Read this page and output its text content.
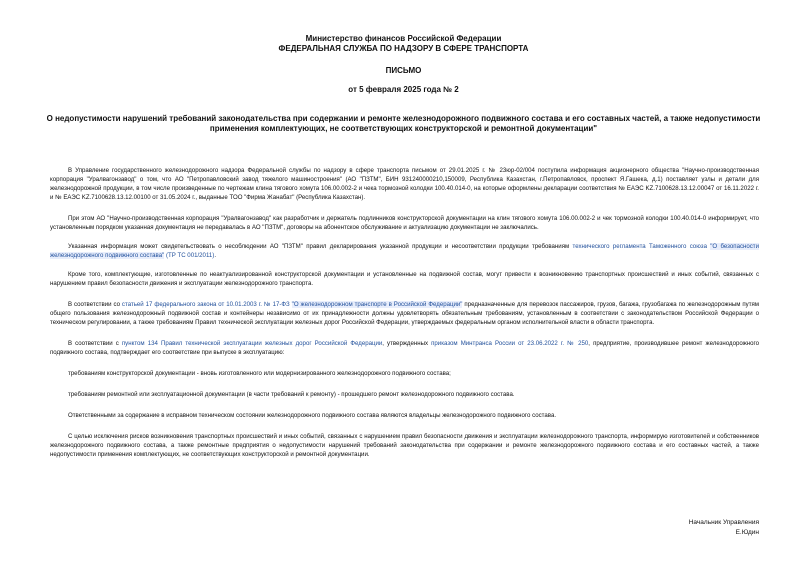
Министерство финансов Российской Федерации
ФЕДЕРАЛЬНАЯ СЛУЖБА ПО НАДЗОРУ В СФЕРЕ ТРАНСПОРТА
ПИСЬМО
от 5 февраля 2025 года № 2
О недопустимости нарушений требований законодательства при содержании и ремонте железнодорожного подвижного состава и его составных частей, а также недопустимости применения комплектующих, не соответствующих конструкторской и ремонтной документации"

В Управление государственного железнодорожного надзора Федеральной службы по надзору в сфере транспорта письмом от 29.01.2025 г. № 23юр-02/004 поступила информация акционерного общества "Научно-производственная корпорация "Уралвагонзавод" о том, что АО "Петропавловский завод тяжелого машиностроения" (АО "ПЗТМ", БИН 931240000210,150009, Республика Казахстан, г.Петропавловск, проспект Я.Гашека, д.1) поставляет узлы и детали для железнодорожной продукции, в том числе произведенные по чертежам клина тягового хомута 106.00.002-2 и чека тормозной колодки 100.40.014-0, на которые оформлены декларации соответствия № ЕАЭС KZ.7100628.13.12.00047 от 16.11.2022 г. и № ЕАЭС KZ.7100628.13.12.00100 от 31.05.2024 г., выданные ТОО "Фирма Жанабат" (Республика Казахстан).

При этом АО "Научно-производственная корпорация "Уралвагонзавод" как разработчик и держатель подлинников конструкторской документации на клин тягового хомута 106.00.002-2 и чек тормозной колодки 100.40.014-0 информирует, что установленным порядком указанная документация не передавалась в АО "ПЗТМ", договоры на абонентское обслуживание и актуализацию документации не заключались.

Указанная информация может свидетельствовать о несоблюдении АО "ПЗТМ" правил декларирования указанной продукции и несоответствии продукции требованиям технического регламента Таможенного союза "О безопасности железнодорожного подвижного состава" (ТР ТС 001/2011).

Кроме того, комплектующие, изготовленные по неактуализированной конструкторской документации и установленные на подвижной состав, могут привести к возникновению транспортных происшествий и иных событий, связанных с нарушением правил безопасности движения и эксплуатации железнодорожного транспорта.

В соответствии со статьей 17 федерального закона от 10.01.2003 г. № 17-ФЗ "О железнодорожном транспорте в Российской Федерации" предназначенные для перевозок пассажиров, грузов, багажа, грузобагажа по железнодорожным путям общего пользования железнодорожный подвижной состав и контейнеры независимо от их принадлежности должны удовлетворять обязательным требованиям, установленным в соответствии с законодательством Российской Федерации о техническом регулировании, а также требованиям Правил технической эксплуатации железных дорог Российской Федерации, утверждаемых федеральным органом исполнительной власти в области транспорта.

В соответствии с пунктом 134 Правил технической эксплуатации железных дорог Российской Федерации, утвержденных приказом Минтранса России от 23.06.2022 г. № 250, предприятие, производившее ремонт железнодорожного подвижного состава, подтверждает его соответствие при выпуске в эксплуатацию:

требованиям конструкторской документации - вновь изготовленного или модернизированного железнодорожного подвижного состава;

требованиям ремонтной или эксплуатационной документации (в части требований к ремонту) - прошедшего ремонт железнодорожного подвижного состава.

Ответственными за содержание в исправном техническом состоянии железнодорожного подвижного состава являются владельцы железнодорожного подвижного состава.

С целью исключения рисков возникновения транспортных происшествий и иных событий, связанных с нарушением правил безопасности движения и эксплуатации железнодорожного транспорта, информирую изготовителей и собственников железнодорожного подвижного состава, а также ремонтные предприятия о недопустимости нарушений требований законодательства при содержании и ремонте железнодорожного подвижного состава и его составных частей, а также недопустимости применения комплектующих, не соответствующих конструкторской и ремонтной документации.

Начальник Управления
Е.Юдин
